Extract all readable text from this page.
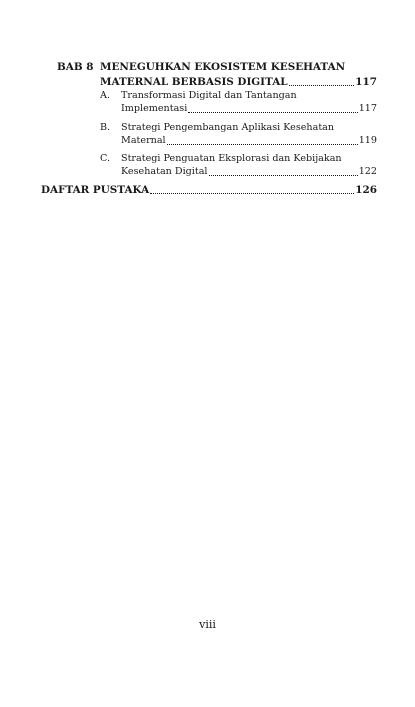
BAB 8 MENEGUHKAN EKOSISTEM KESEHATAN
MATERNAL BERBASIS DIGITAL	117
A. Transformasi Digital dan Tantangan
Implementasi	117
B. Strategi Pengembangan Aplikasi Kesehatan
Maternal	119
C. Strategi Penguatan Eksplorasi dan Kebijakan
Kesehatan Digital	122
DAFTAR PUSTAKA	126
viii
